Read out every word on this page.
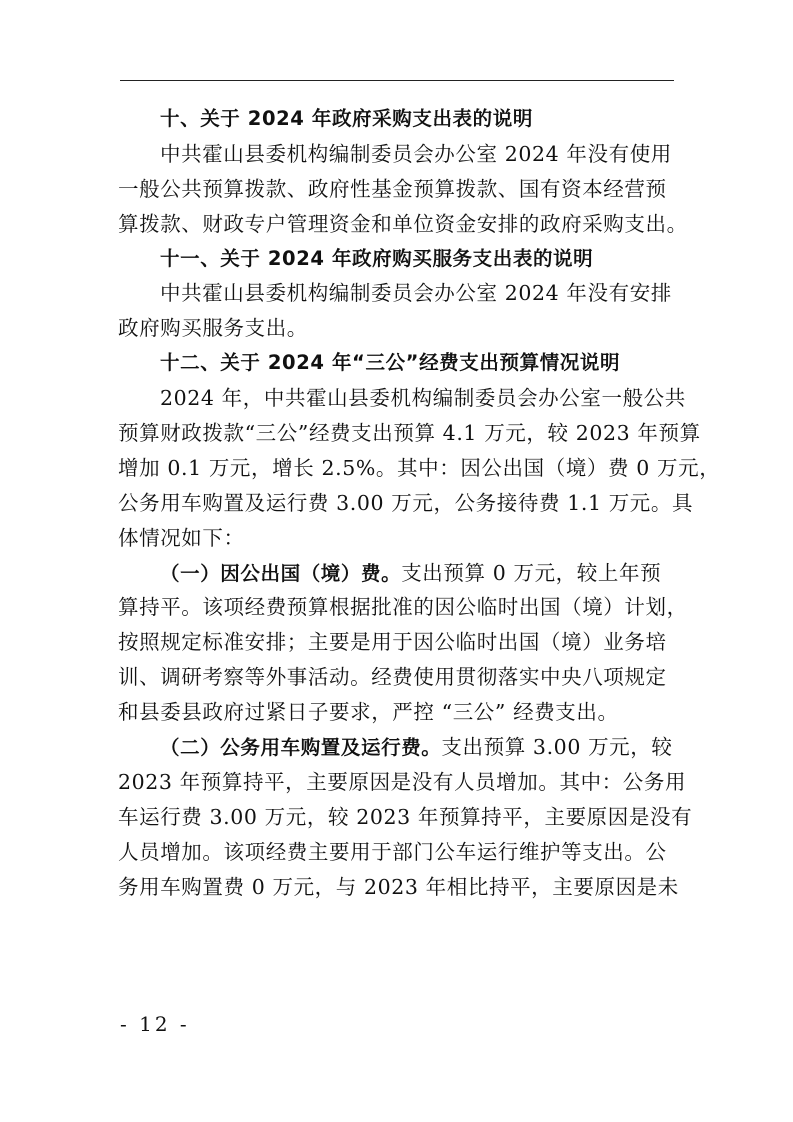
十、关于 2024 年政府采购支出表的说明
中共霍山县委机构编制委员会办公室 2024 年没有使用
一般公共预算拨款、政府性基金预算拨款、国有资本经营预
算拨款、财政专户管理资金和单位资金安排的政府采购支出。
十一、关于 2024 年政府购买服务支出表的说明
中共霍山县委机构编制委员会办公室 2024 年没有安排
政府购买服务支出。
十二、关于 2024 年“三公”经费支出预算情况说明
2024 年，中共霍山县委机构编制委员会办公室一般公共
预算财政拨款“三公”经费支出预算 4.1 万元，较 2023 年预算
增加 0.1 万元，增长 2.5%。其中：因公出国（境）费 0 万元，
公务用车购置及运行费 3.00 万元，公务接待费 1.1 万元。具
体情况如下：
（一）因公出国（境）费。支出预算 0 万元，较上年预
算持平。该项经费预算根据批准的因公临时出国（境）计划，
按照规定标准安排；主要是用于因公临时出国（境）业务培
训、调研考察等外事活动。经费使用贯彻落实中央八项规定
和县委县政府过紧日子要求，严控 “三公” 经费支出。
（二）公务用车购置及运行费。支出预算 3.00 万元，较
2023 年预算持平，主要原因是没有人员增加。其中：公务用
车运行费 3.00 万元，较 2023 年预算持平，主要原因是没有
人员增加。该项经费主要用于部门公车运行维护等支出。公
务用车购置费 0 万元，与 2023 年相比持平，主要原因是未
- 12 -
